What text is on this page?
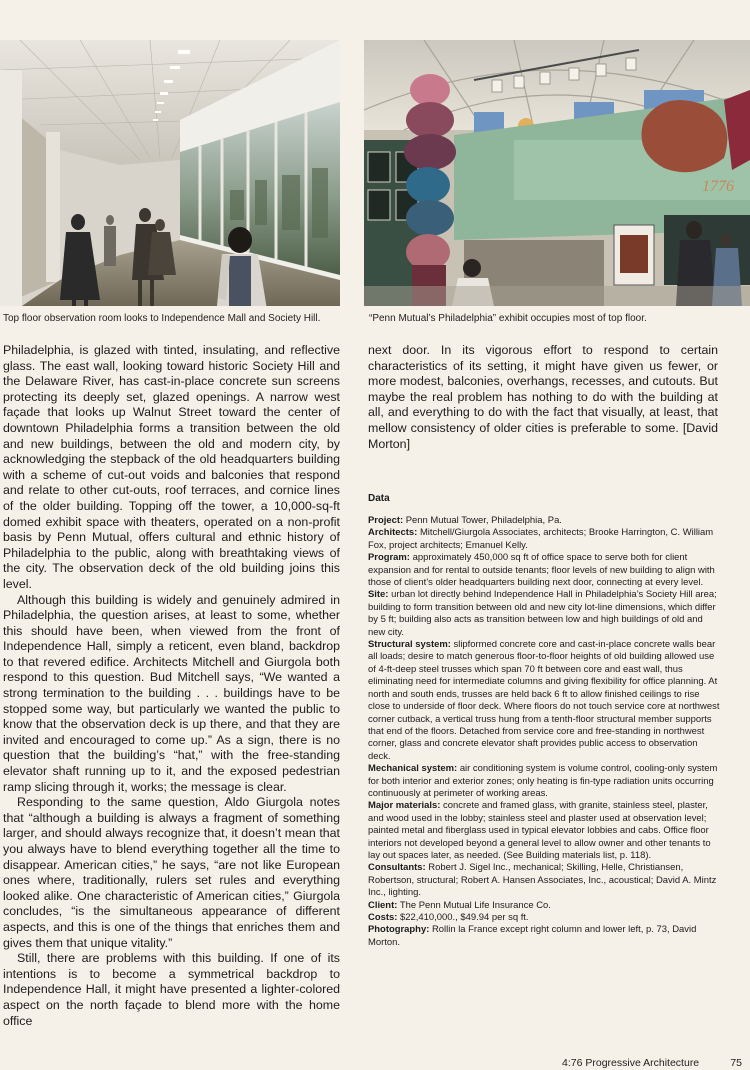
1776
Top floor observation room looks to Independence Mall and Society Hill.	“Penn Mutual’s Philadelphia” exhibit occupies most of top floor.

Philadelphia, is glazed with tinted, insulating, and reflective glass. The east wall, looking toward historic Society Hill and the Delaware River, has cast-in-place concrete sun screens protecting its deeply set, glazed openings. A narrow west façade that looks up Walnut Street toward the center of downtown Philadelphia forms a transition between the old and new buildings, between the old and modern city, by acknowledging the stepback of the old headquarters building with a scheme of cut-out voids and balconies that respond and relate to other cut-outs, roof terraces, and cornice lines of the older building. Topping off the tower, a 10,000-sq-ft domed exhibit space with theaters, operated on a non-profit basis by Penn Mutual, offers cultural and ethnic history of Philadelphia to the public, along with breathtaking views of the city. The observation deck of the old building joins this level.

Although this building is widely and genuinely admired in Philadelphia, the question arises, at least to some, whether this should have been, when viewed from the front of Independence Hall, simply a reticent, even bland, backdrop to that revered edifice. Architects Mitchell and Giurgola both respond to this question. Bud Mitchell says, “We wanted a strong termination to the building . . . buildings have to be stopped some way, but particularly we wanted the public to know that the observation deck is up there, and that they are invited and encouraged to come up.” As a sign, there is no question that the building’s “hat,” with the free-standing elevator shaft running up to it, and the exposed pedestrian ramp slicing through it, works; the message is clear.

Responding to the same question, Aldo Giurgola notes that “although a building is always a fragment of something larger, and should always recognize that, it doesn’t mean that you always have to blend everything together all the time to disappear. American cities,” he says, “are not like European ones where, traditionally, rulers set rules and everything looked alike. One characteristic of American cities,” Giurgola concludes, “is the simultaneous appearance of different aspects, and this is one of the things that enriches them and gives them that unique vitality.”

Still, there are problems with this building. If one of its intentions is to become a symmetrical backdrop to Independence Hall, it might have presented a lighter-colored aspect on the north façade to blend more with the home office

next door. In its vigorous effort to respond to certain characteristics of its setting, it might have given us fewer, or more modest, balconies, overhangs, recesses, and cutouts. But maybe the real problem has nothing to do with the building at all, and everything to do with the fact that visually, at least, that mellow consistency of older cities is preferable to some. [David Morton]

Data

Project: Penn Mutual Tower, Philadelphia, Pa.

Architects: Mitchell/Giurgola Associates, architects; Brooke Harrington, C. William Fox, project architects; Emanuel Kelly.

Program: approximately 450,000 sq ft of office space to serve both for client expansion and for rental to outside tenants; floor levels of new building to align with those of client’s older headquarters building next door, connecting at every level.

Site: urban lot directly behind Independence Hall in Philadelphia’s Society Hill area; building to form transition between old and new city lot-line dimensions, which differ by 5 ft; building also acts as transition between low and high buildings of old and new city.

Structural system: slipformed concrete core and cast-in-place concrete walls bear all loads; desire to match generous floor-to-floor heights of old building allowed use of 4-ft-deep steel trusses which span 70 ft between core and east wall, thus eliminating need for intermediate columns and giving flexibility for office planning. At north and south ends, trusses are held back 6 ft to allow finished ceilings to rise close to underside of floor deck. Where floors do not touch service core at northwest corner cutback, a vertical truss hung from a tenth-floor structural member supports that end of the floors. Detached from service core and free-standing in northwest corner, glass and concrete elevator shaft provides public access to observation deck.

Mechanical system: air conditioning system is volume control, cooling-only system for both interior and exterior zones; only heating is fin-type radiation units occurring continuously at perimeter of working areas.

Major materials: concrete and framed glass, with granite, stainless steel, plaster, and wood used in the lobby; stainless steel and plaster used at observation level; painted metal and fiberglass used in typical elevator lobbies and cabs. Office floor interiors not developed beyond a general level to allow owner and other tenants to lay out spaces later, as needed. (See Building materials list, p. 118).

Consultants: Robert J. Sigel Inc., mechanical; Skilling, Helle, Christiansen, Robertson, structural; Robert A. Hansen Associates, Inc., acoustical; David A. Mintz Inc., lighting.

Client: The Penn Mutual Life Insurance Co.

Costs: $22,410,000., $49.94 per sq ft.

Photography: Rollin la France except right column and lower left, p. 73, David Morton.

4:76 Progressive Architecture	75
